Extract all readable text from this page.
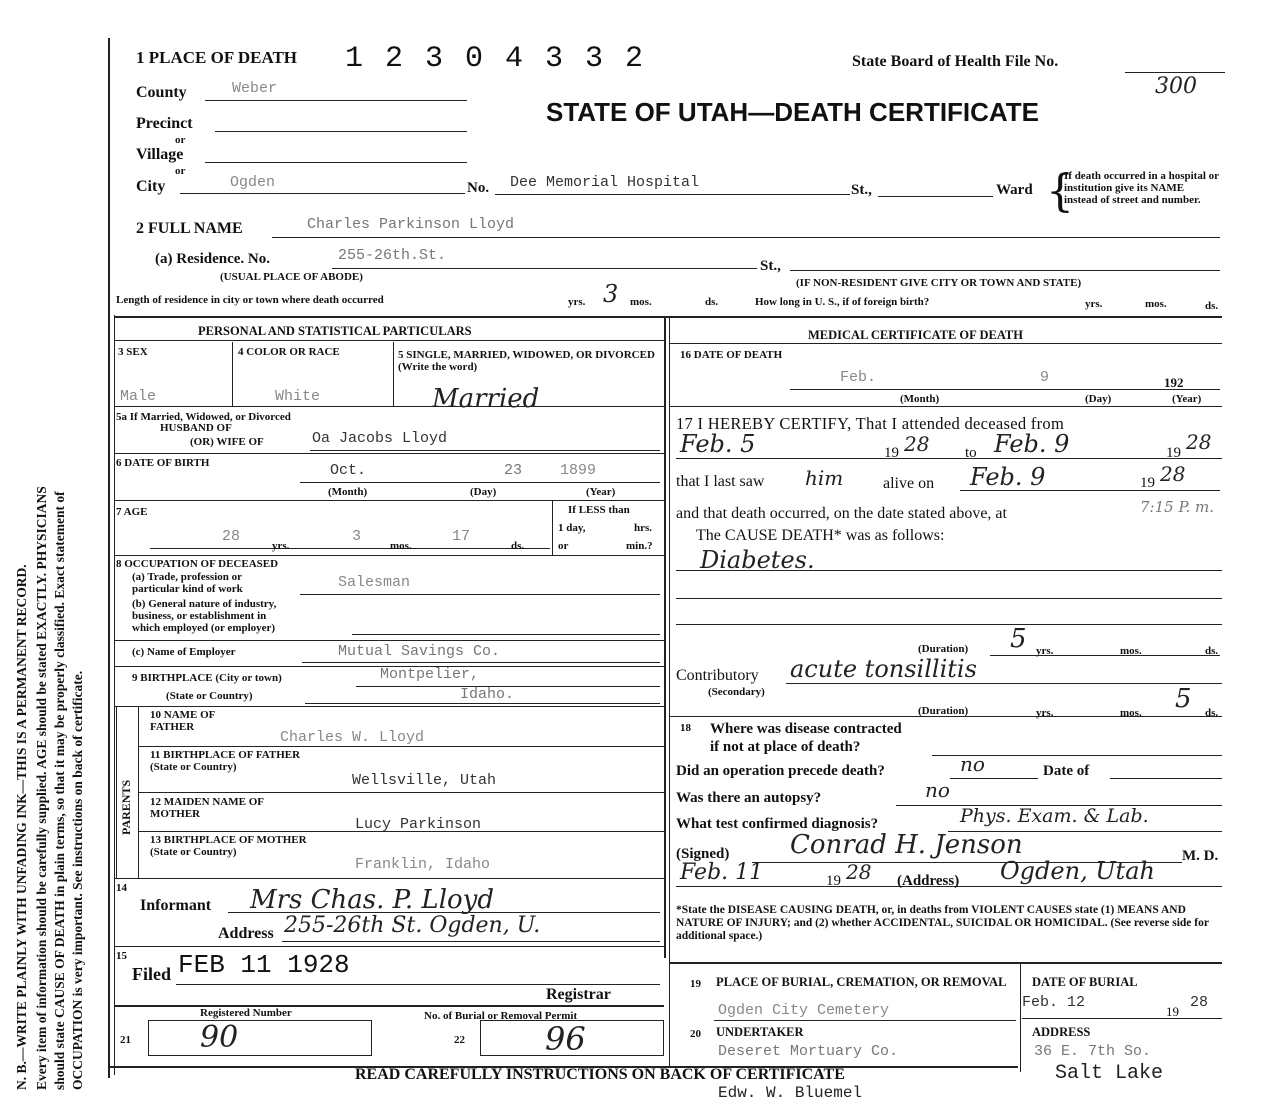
N. B.—WRITE PLAINLY WITH UNFADING INK—THIS IS A PERMANENT RECORD. Every item of information should be carefully supplied. AGE should be stated EXACTLY. PHYSICIANS should state CAUSE OF DEATH in plain terms, so that it may be properly classified. Exact statement of OCCUPATION is very important. See instructions on back of certificate.
1 PLACE OF DEATH 1 2 3 0 4 3 3 2	State Board of Health File No.
300
STATE OF UTAH—DEATH CERTIFICATE
County	Weber
Precinct
or
Village
or
City	Ogden	No. Dee Memorial Hospital	St.,	Ward {
If death occurred in a hospital or institution give its NAME instead of street and number.
2 FULL NAME	Charles Parkinson Lloyd
(a) Residence. No.	255-26th.St.
St.,
(USUAL PLACE OF ABODE)	(IF NON-RESIDENT GIVE CITY OR TOWN AND STATE)
Length of residence in city or town where death occurred	yrs. 3 mos.	ds.	How long in U. S., if of foreign birth?	yrs.	mos.	ds.
PERSONAL AND STATISTICAL PARTICULARS
3 SEX	4 COLOR OR RACE	5 SINGLE, MARRIED, WIDOWED, OR DIVORCED (Write the word)
Male	White	Married
5a If Married, Widowed, or Divorced
HUSBAND OF
(OR) WIFE OF	Oa Jacobs Lloyd
6 DATE OF BIRTH	Oct.	23	1899
(Month)	(Day)	(Year)
7 AGE
28
yrs.
3
mos.
17
ds.
If LESS than
1 day,	hrs.
or	min.?
8 OCCUPATION OF DECEASED
(a) Trade, profession or
particular kind of work	Salesman
(b) General nature of industry,
business, or establishment in
which employed (or employer)
(c) Name of Employer	Mutual Savings Co.
9 BIRTHPLACE (City or town)	Montpelier,
(State or Country)	Idaho.
PARENTS
10 NAME OF FATHER
Charles W. Lloyd
11 BIRTHPLACE OF FATHER (State or Country)
Wellsville, Utah
12 MAIDEN NAME OF MOTHER
Lucy Parkinson
13 BIRTHPLACE OF MOTHER (State or Country)
Franklin, Idaho
14
Informant Mrs Chas. P. Lloyd
Address 255-26th St. Ogden, U.
15
Filed FEB 11 1928
Registrar
Registered Number	No. of Burial or Removal Permit
21 90	22	96
MEDICAL CERTIFICATE OF DEATH
16 DATE OF DEATH
Feb.	9	192
(Month)	(Day)	(Year)
17 I HEREBY CERTIFY, That I attended deceased from
Feb. 5	19 28 to Feb. 9	19 28
that I last saw him alive on Feb. 9	19 28
and that death occurred, on the date stated above, at	7:15 P. m.
The CAUSE DEATH* was as follows:
Diabetes.
(Duration) 5 yrs.	mos.	ds.
Contributory acute tonsillitis
(Secondary)
(Duration)	yrs.	mos. 5 ds.
18 Where was disease contracted
if not at place of death?
Did an operation precede death?	no	Date of
Was there an autopsy?	no
What test confirmed diagnosis?	Phys. Exam. & Lab.
(Signed) Conrad H. Jenson	M. D.
Feb. 11	19 28 (Address) Ogden, Utah
*State the DISEASE CAUSING DEATH, or, in deaths from VIOLENT CAUSES state (1) MEANS AND NATURE OF INJURY; and (2) whether ACCIDENTAL, SUICIDAL OR HOMICIDAL. (See reverse side for additional space.)
19 PLACE OF BURIAL, CREMATION, OR REMOVAL
Ogden City Cemetery
DATE OF BURIAL
Feb. 12
19
28
20 UNDERTAKER
Deseret Mortuary Co.
ADDRESS
36 E. 7th So.
Salt Lake
READ CAREFULLY INSTRUCTIONS ON BACK OF CERTIFICATE
Edw. W. Bluemel
